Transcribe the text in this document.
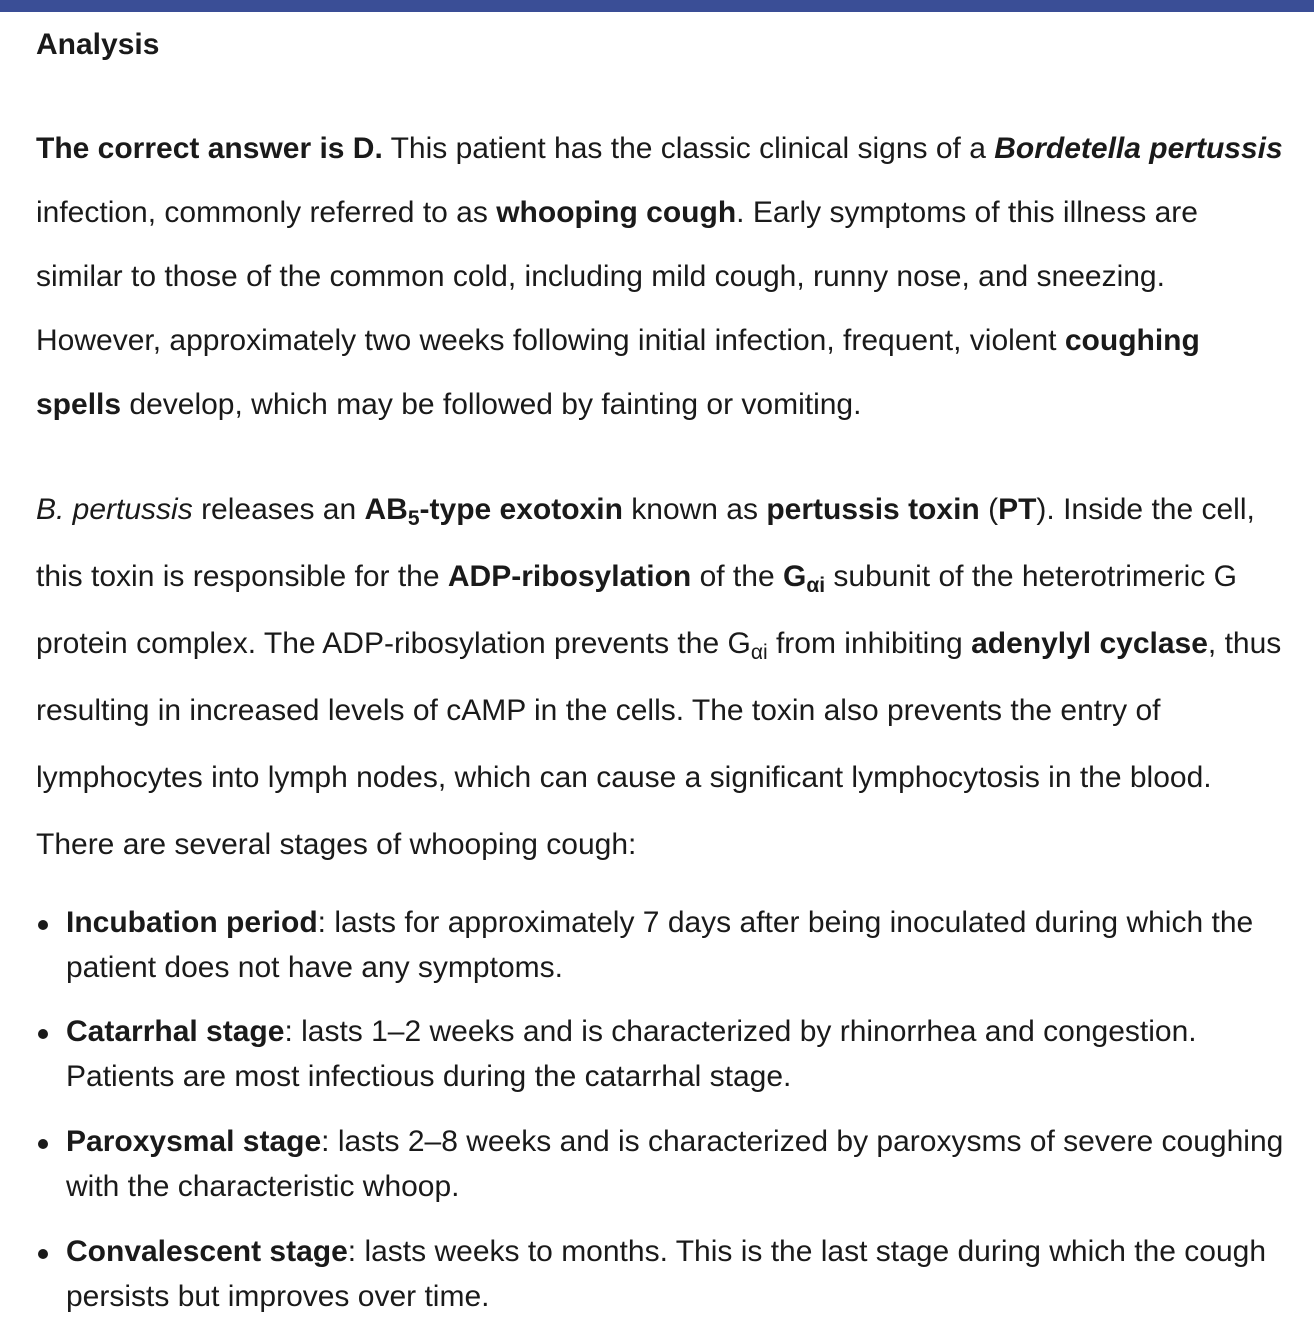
Analysis

The correct answer is D. This patient has the classic clinical signs of a Bordetella pertussis infection, commonly referred to as whooping cough. Early symptoms of this illness are similar to those of the common cold, including mild cough, runny nose, and sneezing. However, approximately two weeks following initial infection, frequent, violent coughing spells develop, which may be followed by fainting or vomiting.

B. pertussis releases an $AB_5$-type exotoxin known as pertussis toxin (PT). Inside the cell, this toxin is responsible for the ADP-ribosylation of the $G_{\alpha i}$ subunit of the heterotrimeric G protein complex. The ADP-ribosylation prevents the $G_{\alpha i}$ from inhibiting adenylyl cyclase, thus resulting in increased levels of cAMP in the cells. The toxin also prevents the entry of lymphocytes into lymph nodes, which can cause a significant lymphocytosis in the blood. There are several stages of whooping cough:

Incubation period: lasts for approximately 7 days after being inoculated during which the patient does not have any symptoms.
Catarrhal stage: lasts 1–2 weeks and is characterized by rhinorrhea and congestion. Patients are most infectious during the catarrhal stage.
Paroxysmal stage: lasts 2–8 weeks and is characterized by paroxysms of severe coughing with the characteristic whoop.
Convalescent stage: lasts weeks to months. This is the last stage during which the cough persists but improves over time.
